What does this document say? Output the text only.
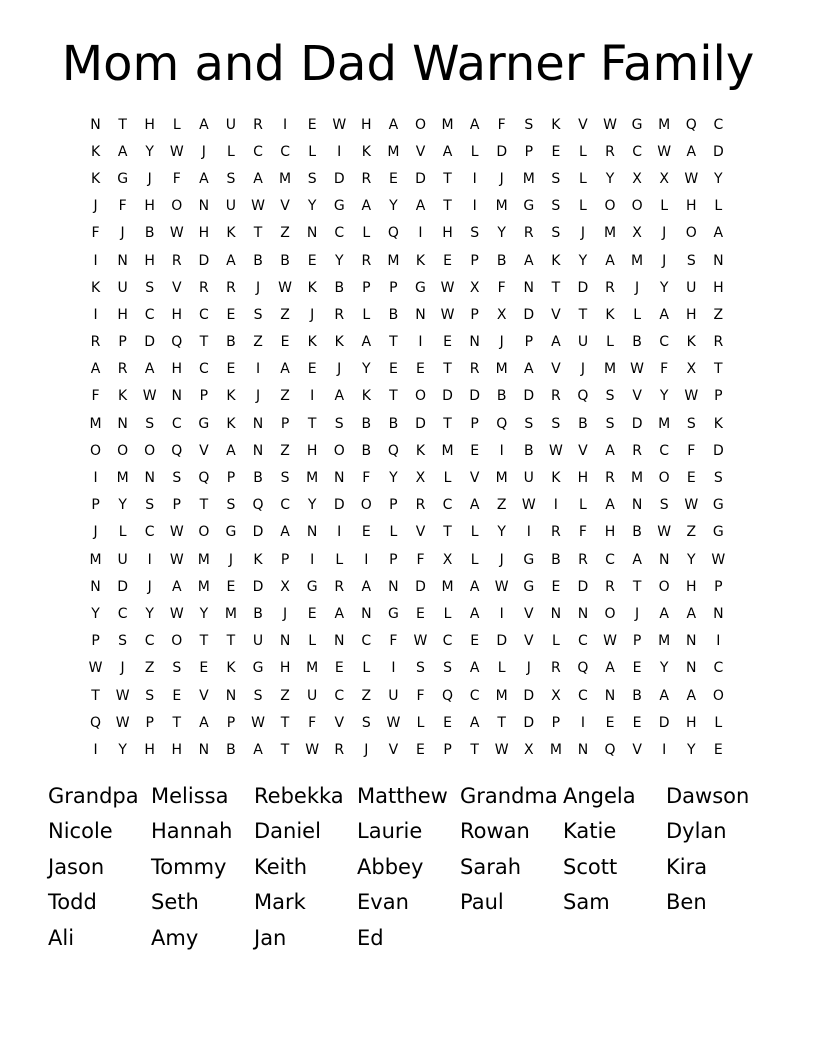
Mom and Dad Warner Family
N	T	H	L	A	U	R	I	E	W	H	A	O	M	A	F	S	K	V	W	G	M	Q	C
K	A	Y	W	J	L	C	C	L	I	K	M	V	A	L	D	P	E	L	R	C	W	A	D
K	G	J	F	A	S	A	M	S	D	R	E	D	T	I	J	M	S	L	Y	X	X	W	Y
J	F	H	O	N	U	W	V	Y	G	A	Y	A	T	I	M	G	S	L	O	O	L	H	L
F	J	B	W	H	K	T	Z	N	C	L	Q	I	H	S	Y	R	S	J	M	X	J	O	A
I	N	H	R	D	A	B	B	E	Y	R	M	K	E	P	B	A	K	Y	A	M	J	S	N
K	U	S	V	R	R	J	W	K	B	P	P	G	W	X	F	N	T	D	R	J	Y	U	H
I	H	C	H	C	E	S	Z	J	R	L	B	N	W	P	X	D	V	T	K	L	A	H	Z
R	P	D	Q	T	B	Z	E	K	K	A	T	I	E	N	J	P	A	U	L	B	C	K	R
A	R	A	H	C	E	I	A	E	J	Y	E	E	T	R	M	A	V	J	M	W	F	X	T
F	K	W	N	P	K	J	Z	I	A	K	T	O	D	D	B	D	R	Q	S	V	Y	W	P
M	N	S	C	G	K	N	P	T	S	B	B	D	T	P	Q	S	S	B	S	D	M	S	K
O	O	O	Q	V	A	N	Z	H	O	B	Q	K	M	E	I	B	W	V	A	R	C	F	D
I	M	N	S	Q	P	B	S	M	N	F	Y	X	L	V	M	U	K	H	R	M	O	E	S
P	Y	S	P	T	S	Q	C	Y	D	O	P	R	C	A	Z	W	I	L	A	N	S	W	G
J	L	C	W	O	G	D	A	N	I	E	L	V	T	L	Y	I	R	F	H	B	W	Z	G
M	U	I	W	M	J	K	P	I	L	I	P	F	X	L	J	G	B	R	C	A	N	Y	W
N	D	J	A	M	E	D	X	G	R	A	N	D	M	A	W	G	E	D	R	T	O	H	P
Y	C	Y	W	Y	M	B	J	E	A	N	G	E	L	A	I	V	N	N	O	J	A	A	N
P	S	C	O	T	T	U	N	L	N	C	F	W	C	E	D	V	L	C	W	P	M	N	I
W	J	Z	S	E	K	G	H	M	E	L	I	S	S	A	L	J	R	Q	A	E	Y	N	C
T	W	S	E	V	N	S	Z	U	C	Z	U	F	Q	C	M	D	X	C	N	B	A	A	O
Q	W	P	T	A	P	W	T	F	V	S	W	L	E	A	T	D	P	I	E	E	D	H	L
I	Y	H	H	N	B	A	T	W	R	J	V	E	P	T	W	X	M	N	Q	V	I	Y	E
Grandpa Melissa	Rebekka Matthew Grandma Angela	Dawson
Nicole	Hannah	Daniel	Laurie	Rowan	Katie	Dylan
Jason	Tommy	Keith	Abbey	Sarah	Scott	Kira
Todd	Seth	Mark	Evan	Paul	Sam	Ben
Ali	Amy	Jan	Ed
